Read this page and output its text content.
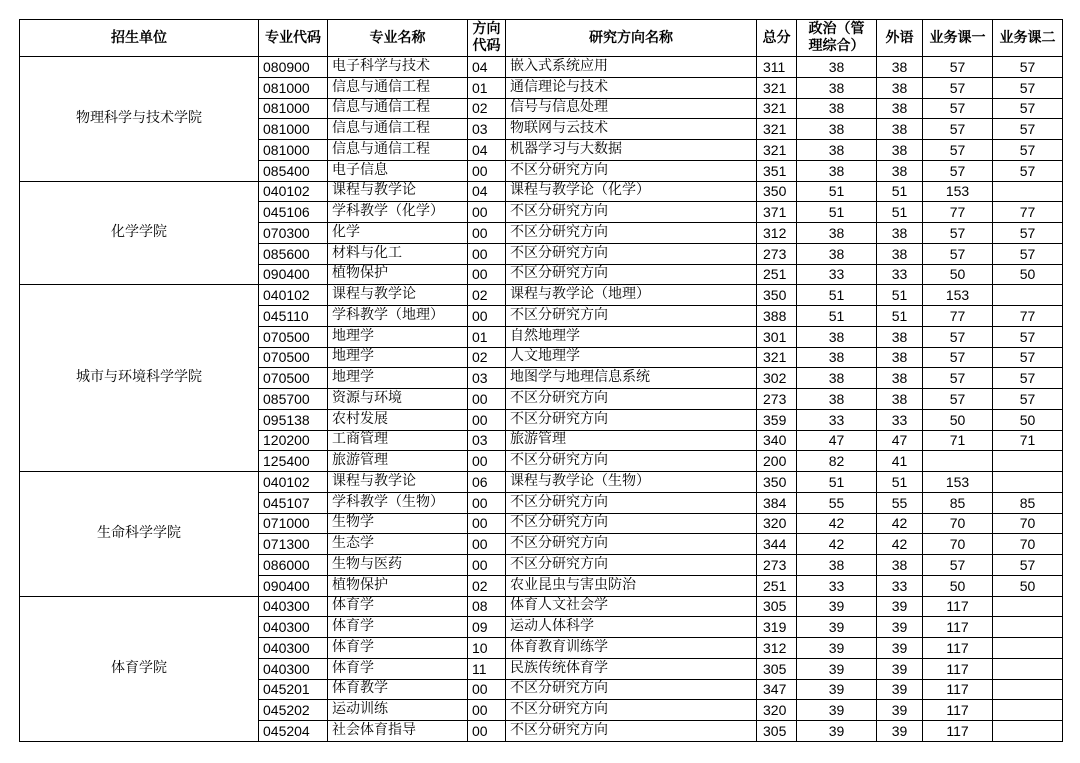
招生单位	专业代码	专业名称	方向代码	研究方向名称	总分	政治（管理综合）	外语	业务课一	业务课二
物理科学与技术学院	080900	电子科学与技术	04	嵌入式系统应用	311	38	38	57	57
	081000	信息与通信工程	01	通信理论与技术	321	38	38	57	57
	081000	信息与通信工程	02	信号与信息处理	321	38	38	57	57
	081000	信息与通信工程	03	物联网与云技术	321	38	38	57	57
	081000	信息与通信工程	04	机器学习与大数据	321	38	38	57	57
	085400	电子信息	00	不区分研究方向	351	38	38	57	57
化学学院	040102	课程与教学论	04	课程与教学论（化学）	350	51	51	153	
	045106	学科教学（化学）	00	不区分研究方向	371	51	51	77	77
	070300	化学	00	不区分研究方向	312	38	38	57	57
	085600	材料与化工	00	不区分研究方向	273	38	38	57	57
	090400	植物保护	00	不区分研究方向	251	33	33	50	50
城市与环境科学学院	040102	课程与教学论	02	课程与教学论（地理）	350	51	51	153	
	045110	学科教学（地理）	00	不区分研究方向	388	51	51	77	77
	070500	地理学	01	自然地理学	301	38	38	57	57
	070500	地理学	02	人文地理学	321	38	38	57	57
	070500	地理学	03	地图学与地理信息系统	302	38	38	57	57
	085700	资源与环境	00	不区分研究方向	273	38	38	57	57
	095138	农村发展	00	不区分研究方向	359	33	33	50	50
	120200	工商管理	03	旅游管理	340	47	47	71	71
	125400	旅游管理	00	不区分研究方向	200	82	41		
生命科学学院	040102	课程与教学论	06	课程与教学论（生物）	350	51	51	153	
	045107	学科教学（生物）	00	不区分研究方向	384	55	55	85	85
	071000	生物学	00	不区分研究方向	320	42	42	70	70
	071300	生态学	00	不区分研究方向	344	42	42	70	70
	086000	生物与医药	00	不区分研究方向	273	38	38	57	57
	090400	植物保护	02	农业昆虫与害虫防治	251	33	33	50	50
体育学院	040300	体育学	08	体育人文社会学	305	39	39	117	
	040300	体育学	09	运动人体科学	319	39	39	117	
	040300	体育学	10	体育教育训练学	312	39	39	117	
	040300	体育学	11	民族传统体育学	305	39	39	117	
	045201	体育教学	00	不区分研究方向	347	39	39	117	
	045202	运动训练	00	不区分研究方向	320	39	39	117	
	045204	社会体育指导	00	不区分研究方向	305	39	39	117	
